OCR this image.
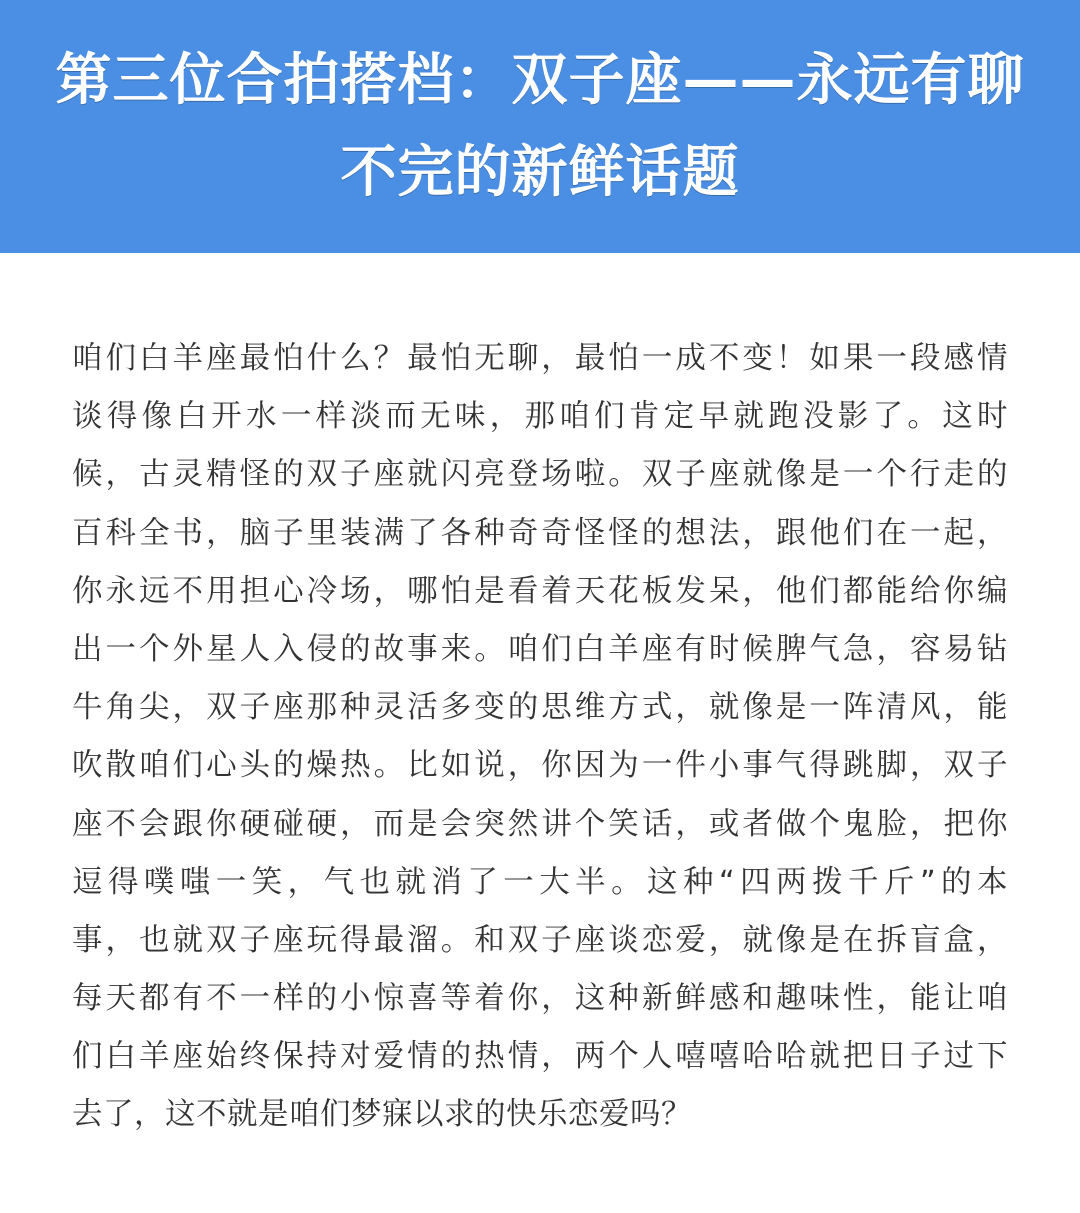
第三位合拍搭档：双子座——永远有聊
不完的新鲜话题
咱们白羊座最怕什么？最怕无聊，最怕一成不变！如果一段感情
谈得像白开水一样淡而无味，那咱们肯定早就跑没影了。这时
候，古灵精怪的双子座就闪亮登场啦。双子座就像是一个行走的
百科全书，脑子里装满了各种奇奇怪怪的想法，跟他们在一起，
你永远不用担心冷场，哪怕是看着天花板发呆，他们都能给你编
出一个外星人入侵的故事来。咱们白羊座有时候脾气急，容易钻
牛角尖，双子座那种灵活多变的思维方式，就像是一阵清风，能
吹散咱们心头的燥热。比如说，你因为一件小事气得跳脚，双子
座不会跟你硬碰硬，而是会突然讲个笑话，或者做个鬼脸，把你
逗得噗嗤一笑，气也就消了一大半。这种“四两拨千斤”的本
事，也就双子座玩得最溜。和双子座谈恋爱，就像是在拆盲盒，
每天都有不一样的小惊喜等着你，这种新鲜感和趣味性，能让咱
们白羊座始终保持对爱情的热情，两个人嘻嘻哈哈就把日子过下
去了，这不就是咱们梦寐以求的快乐恋爱吗？
